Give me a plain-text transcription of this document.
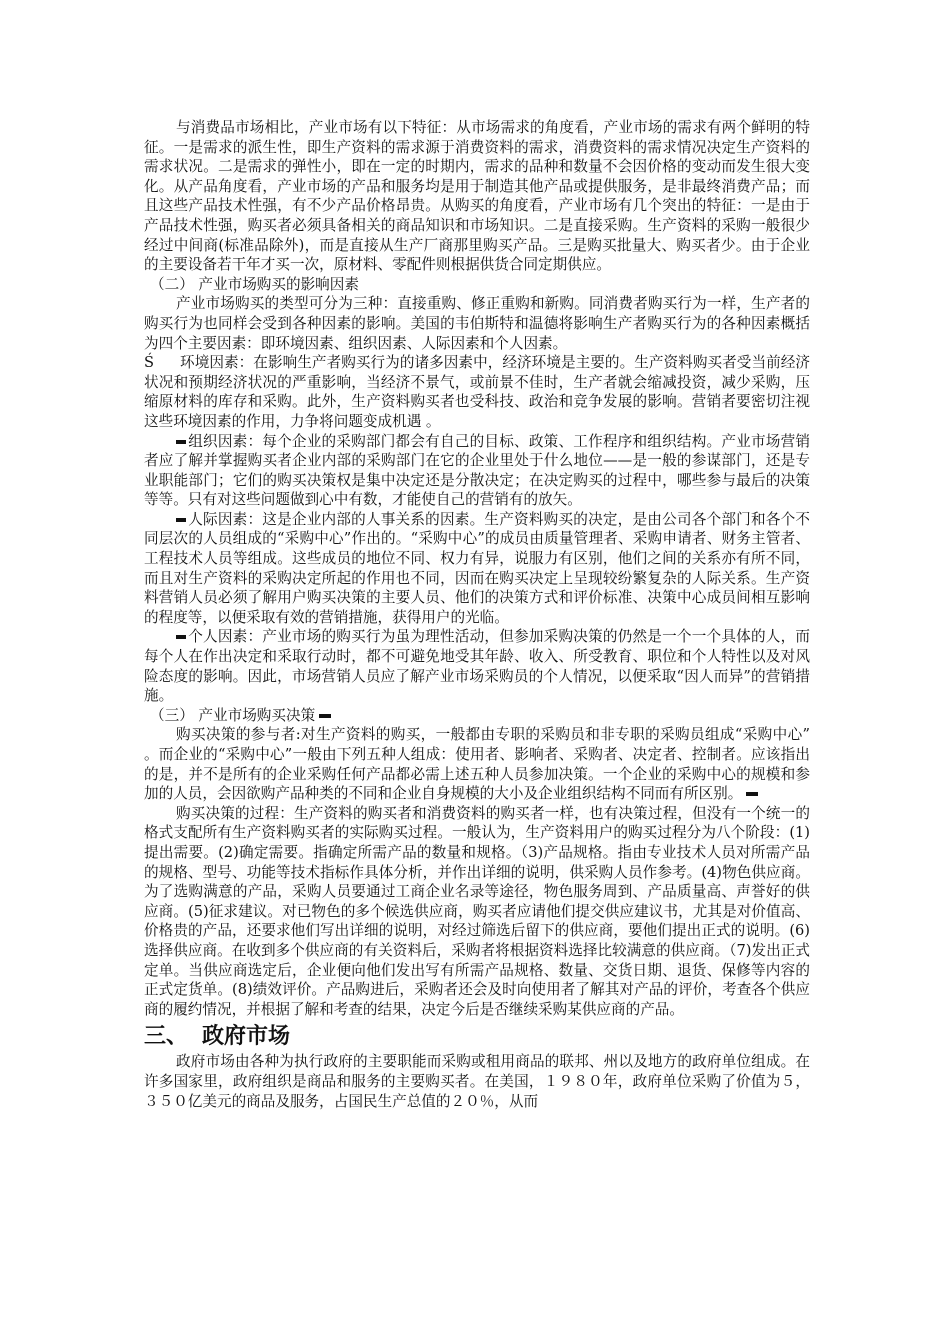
与消费品市场相比，产业市场有以下特征：从市场需求的角度看，产业市场的需求有两个鲜明的特征。一是需求的派生性，即生产资料的需求源于消费资料的需求，消费资料的需求情况决定生产资料的需求状况。二是需求的弹性小，即在一定的时期内，需求的品种和数量不会因价格的变动而发生很大变化。从产品角度看，产业市场的产品和服务均是用于制造其他产品或提供服务，是非最终消费产品；而且这些产品技术性强，有不少产品价格昂贵。从购买的角度看，产业市场有几个突出的特征：一是由于产品技术性强，购买者必须具备相关的商品知识和市场知识。二是直接采购。生产资料的采购一般很少经过中间商(标准品除外)，而是直接从生产厂商那里购买产品。三是购买批量大、购买者少。由于企业的主要设备若干年才买一次，原材料、零配件则根据供货合同定期供应。

（二） 产业市场购买的影响因素

产业市场购买的类型可分为三种：直接重购、修正重购和新购。同消费者购买行为一样，生产者的购买行为也同样会受到各种因素的影响。美国的韦伯斯特和温德将影响生产者购买行为的各种因素概括为四个主要因素：即环境因素、组织因素、人际因素和个人因素。

Ś 环境因素：在影响生产者购买行为的诸多因素中，经济环境是主要的。生产资料购买者受当前经济状况和预期经济状况的严重影响，当经济不景气，或前景不佳时，生产者就会缩减投资，减少采购，压缩原材料的库存和采购。此外，生产资料购买者也受科技、政治和竞争发展的影响。营销者要密切注视这些环境因素的作用，力争将问题变成机遇 。

组织因素：每个企业的采购部门都会有自己的目标、政策、工作程序和组织结构。产业市场营销者应了解并掌握购买者企业内部的采购部门在它的企业里处于什么地位——是一般的参谋部门，还是专业职能部门；它们的购买决策权是集中决定还是分散决定；在决定购买的过程中，哪些参与最后的决策等等。只有对这些问题做到心中有数，才能使自己的营销有的放矢。

人际因素：这是企业内部的人事关系的因素。生产资料购买的决定，是由公司各个部门和各个不同层次的人员组成的“采购中心”作出的。“采购中心”的成员由质量管理者、采购申请者、财务主管者、工程技术人员等组成。这些成员的地位不同、权力有异，说服力有区别，他们之间的关系亦有所不同，而且对生产资料的采购决定所起的作用也不同，因而在购买决定上呈现较纷繁复杂的人际关系。生产资料营销人员必须了解用户购买决策的主要人员、他们的决策方式和评价标准、决策中心成员间相互影响的程度等，以便采取有效的营销措施，获得用户的光临。

个人因素：产业市场的购买行为虽为理性活动，但参加采购决策的仍然是一个一个具体的人，而每个人在作出决定和采取行动时，都不可避免地受其年龄、收入、所受教育、职位和个人特性以及对风险态度的影响。因此，市场营销人员应了解产业市场采购员的个人情况，以便采取“因人而异”的营销措施。

（三） 产业市场购买决策

购买决策的参与者:对生产资料的购买，一般都由专职的采购员和非专职的采购员组成“采购中心” 。而企业的“采购中心”一般由下列五种人组成：使用者、影响者、采购者、决定者、控制者。应该指出的是，并不是所有的企业采购任何产品都必需上述五种人员参加决策。一个企业的采购中心的规模和参加的人员，会因欲购产品种类的不同和企业自身规模的大小及企业组织结构不同而有所区别。

购买决策的过程：生产资料的购买者和消费资料的购买者一样，也有决策过程，但没有一个统一的格式支配所有生产资料购买者的实际购买过程。一般认为，生产资料用户的购买过程分为八个阶段：(1)提出需要。(2)确定需要。指确定所需产品的数量和规格。（3)产品规格。指由专业技术人员对所需产品的规格、型号、功能等技术指标作具体分析，并作出详细的说明，供采购人员作参考。(4)物色供应商。为了选购满意的产品，采购人员要通过工商企业名录等途径，物色服务周到、产品质量高、声誉好的供应商。(5)征求建议。对已物色的多个候选供应商，购买者应请他们提交供应建议书，尤其是对价值高、价格贵的产品，还要求他们写出详细的说明，对经过筛选后留下的供应商，要他们提出正式的说明。(6)选择供应商。在收到多个供应商的有关资料后，采购者将根据资料选择比较满意的供应商。（7)发出正式定单。当供应商选定后，企业便向他们发出写有所需产品规格、数量、交货日期、退货、保修等内容的正式定货单。(8)绩效评价。产品购进后，采购者还会及时向使用者了解其对产品的评价，考查各个供应商的履约情况，并根据了解和考查的结果，决定今后是否继续采购某供应商的产品。

三、 政府市场

政府市场由各种为执行政府的主要职能而采购或租用商品的联邦、州以及地方的政府单位组成。在许多国家里，政府组织是商品和服务的主要购买者。在美国，１９８０年，政府单位采购了价值为５，３５０亿美元的商品及服务，占国民生产总值的２０％，从而
